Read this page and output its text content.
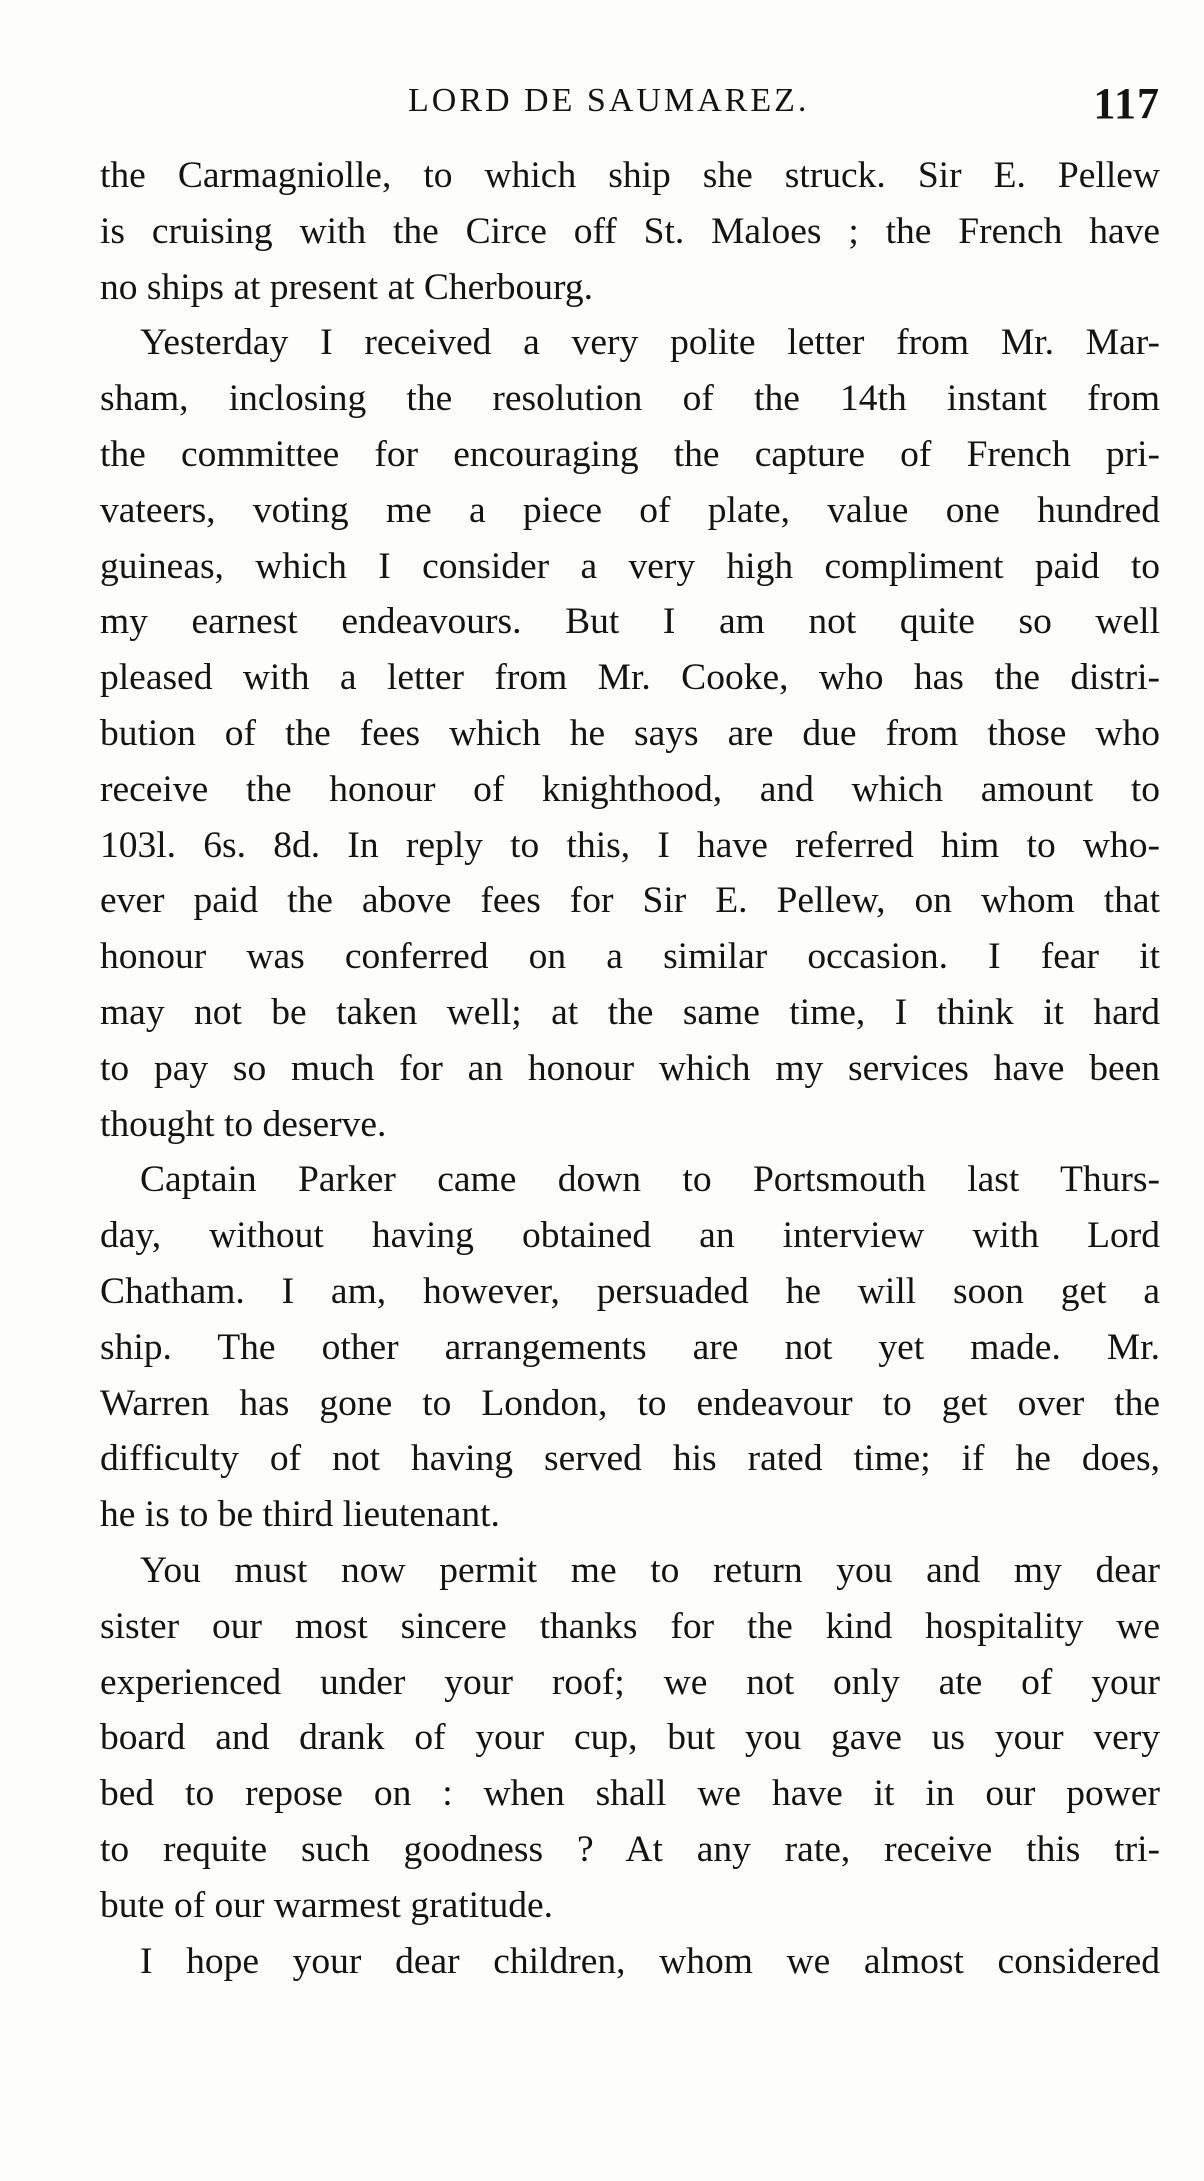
LORD DE SAUMAREZ.	117

the Carmagniolle, to which ship she struck. Sir E. Pellew
is cruising with the Circe off St. Maloes ; the French have
no ships at present at Cherbourg.

Yesterday I received a very polite letter from Mr. Mar-
sham, inclosing the resolution of the 14th instant from
the committee for encouraging the capture of French pri-
vateers, voting me a piece of plate, value one hundred
guineas, which I consider a very high compliment paid to
my earnest endeavours. But I am not quite so well
pleased with a letter from Mr. Cooke, who has the distri-
bution of the fees which he says are due from those who
receive the honour of knighthood, and which amount to
103l. 6s. 8d. In reply to this, I have referred him to who-
ever paid the above fees for Sir E. Pellew, on whom that
honour was conferred on a similar occasion. I fear it
may not be taken well; at the same time, I think it hard
to pay so much for an honour which my services have been
thought to deserve.

Captain Parker came down to Portsmouth last Thurs-
day, without having obtained an interview with Lord
Chatham. I am, however, persuaded he will soon get a
ship. The other arrangements are not yet made. Mr.
Warren has gone to London, to endeavour to get over the
difficulty of not having served his rated time; if he does,
he is to be third lieutenant.

You must now permit me to return you and my dear
sister our most sincere thanks for the kind hospitality we
experienced under your roof; we not only ate of your
board and drank of your cup, but you gave us your very
bed to repose on : when shall we have it in our power
to requite such goodness ? At any rate, receive this tri-
bute of our warmest gratitude.

I hope your dear children, whom we almost considered
